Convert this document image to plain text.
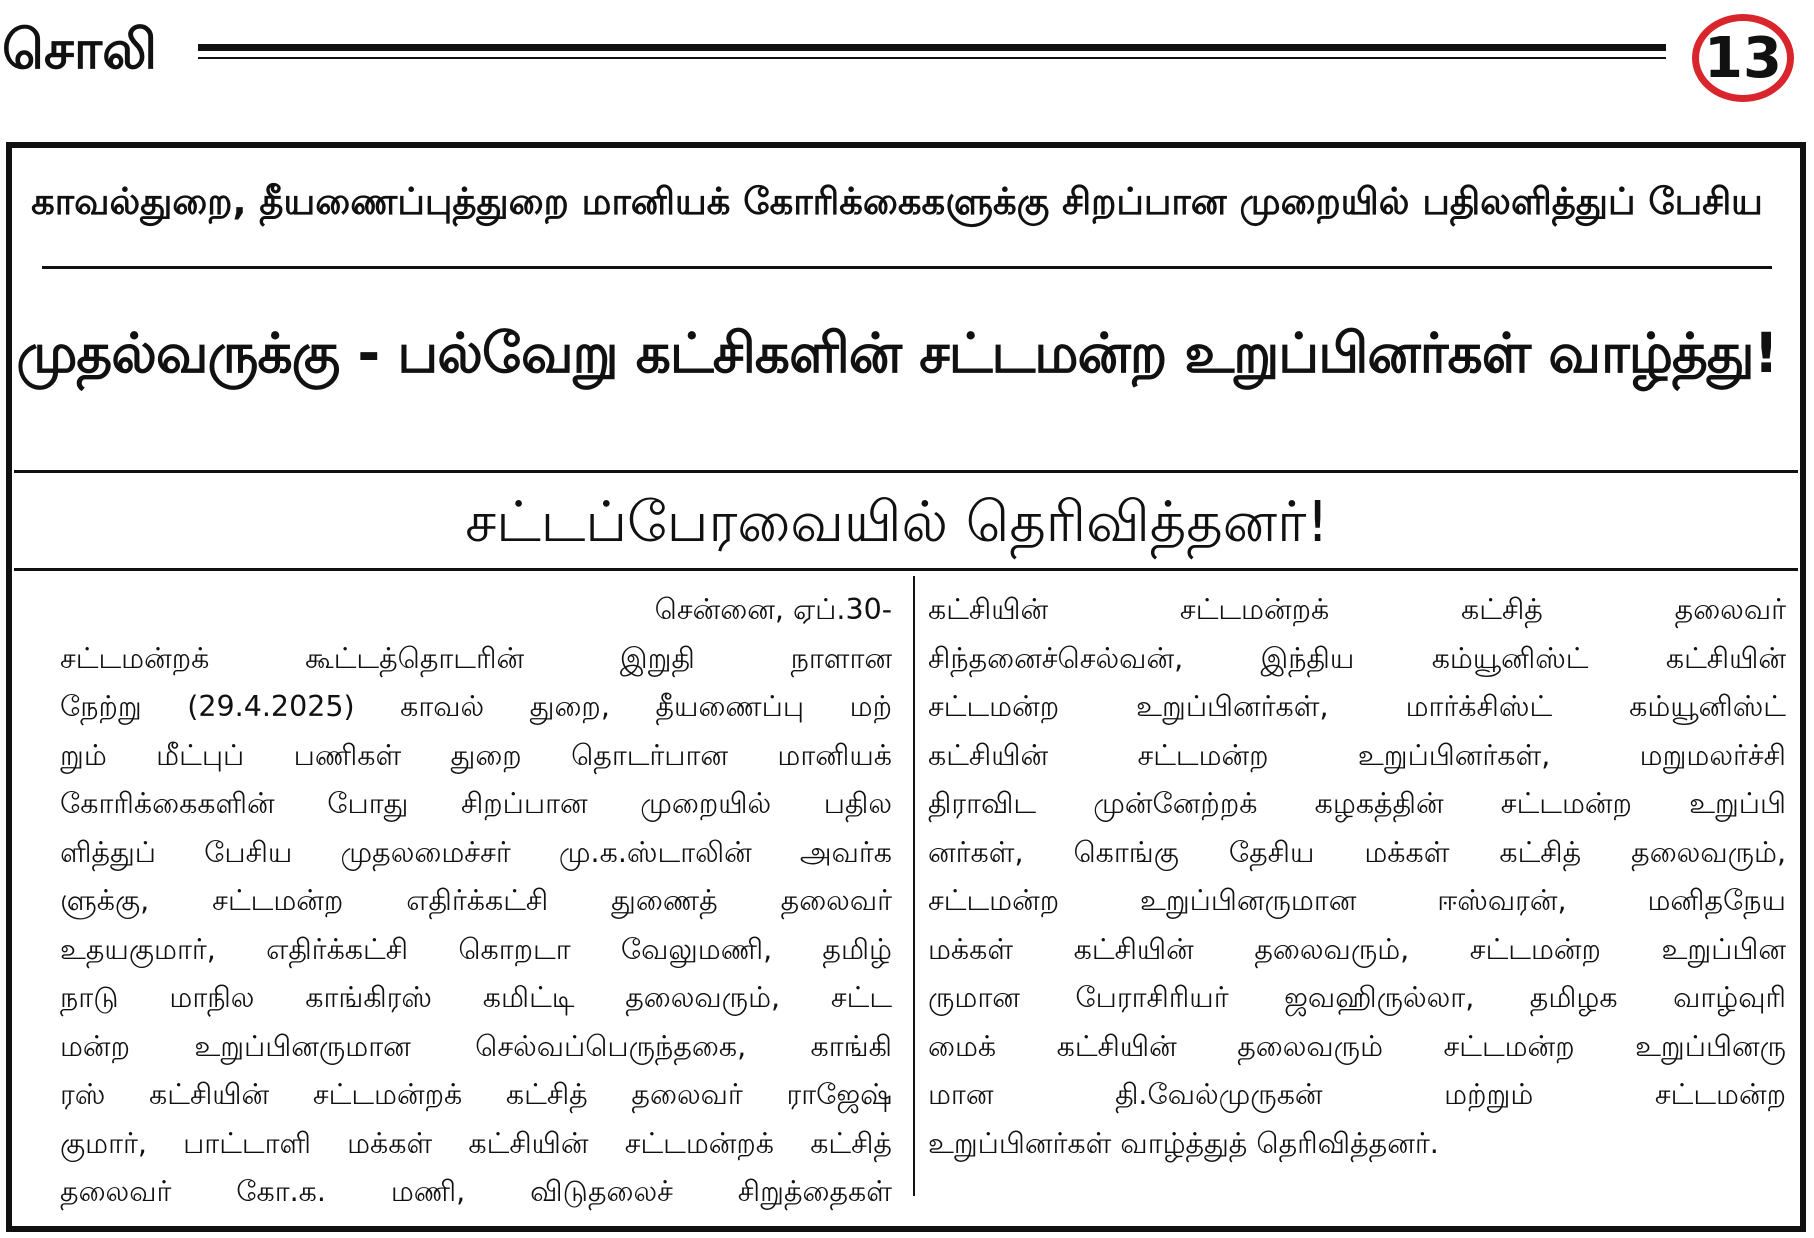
சொலி	13
காவல்துறை, தீயணைப்புத்துறை மானியக் கோரிக்கைகளுக்கு சிறப்பான முறையில் பதிலளித்துப் பேசிய
முதல்வருக்கு - பல்வேறு கட்சிகளின் சட்டமன்ற உறுப்பினர்கள் வாழ்த்து!
சட்டப்பேரவையில் தெரிவித்தனர்!
சென்னை, ஏப்.30-
சட்டமன்றக் கூட்டத்தொடரின் இறுதி நாளான
நேற்று (29.4.2025) காவல் துறை, தீயணைப்பு மற்
றும் மீட்புப் பணிகள் துறை தொடர்பான மானியக்
கோரிக்கைகளின் போது சிறப்பான முறையில் பதில
ளித்துப் பேசிய முதலமைச்சர் மு.க.ஸ்டாலின் அவர்க
ளுக்கு, சட்டமன்ற எதிர்க்கட்சி துணைத் தலைவர்
உதயகுமார், எதிர்க்கட்சி கொறடா வேலுமணி, தமிழ்
நாடு மாநில காங்கிரஸ் கமிட்டி தலைவரும், சட்ட
மன்ற உறுப்பினருமான செல்வப்பெருந்தகை, காங்கி
ரஸ் கட்சியின் சட்டமன்றக் கட்சித் தலைவர் ராஜேஷ்
குமார், பாட்டாளி மக்கள் கட்சியின் சட்டமன்றக் கட்சித்
தலைவர் கோ.க. மணி, விடுதலைச் சிறுத்தைகள்
கட்சியின் சட்டமன்றக் கட்சித் தலைவர்
சிந்தனைச்செல்வன், இந்திய கம்யூனிஸ்ட் கட்சியின்
சட்டமன்ற உறுப்பினர்கள், மார்க்சிஸ்ட் கம்யூனிஸ்ட்
கட்சியின் சட்டமன்ற உறுப்பினர்கள், மறுமலர்ச்சி
திராவிட முன்னேற்றக் கழகத்தின் சட்டமன்ற உறுப்பி
னர்கள், கொங்கு தேசிய மக்கள் கட்சித் தலைவரும்,
சட்டமன்ற உறுப்பினருமான ஈஸ்வரன், மனிதநேய
மக்கள் கட்சியின் தலைவரும், சட்டமன்ற உறுப்பின
ருமான பேராசிரியர் ஜவஹிருல்லா, தமிழக வாழ்வுரி
மைக் கட்சியின் தலைவரும் சட்டமன்ற உறுப்பினரு
மான தி.வேல்முருகன் மற்றும் சட்டமன்ற
உறுப்பினர்கள் வாழ்த்துத் தெரிவித்தனர்.
